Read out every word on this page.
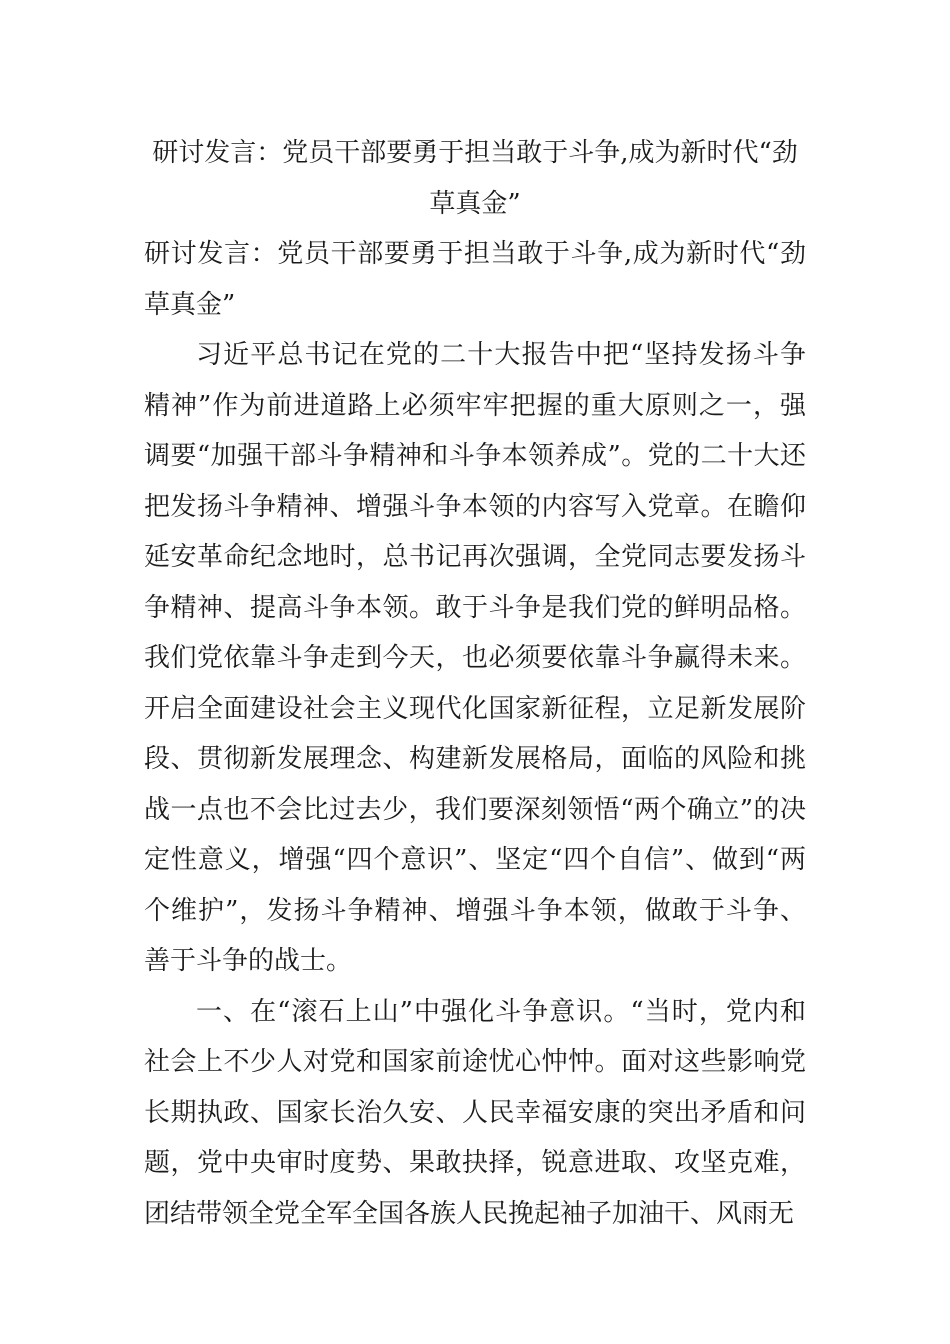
研讨发言：党员干部要勇于担当敢于斗争,成为新时代“劲草真金”

研讨发言：党员干部要勇于担当敢于斗争,成为新时代“劲草真金”

习近平总书记在党的二十大报告中把“坚持发扬斗争精神”作为前进道路上必须牢牢把握的重大原则之一，强调要“加强干部斗争精神和斗争本领养成”。党的二十大还把发扬斗争精神、增强斗争本领的内容写入党章。在瞻仰延安革命纪念地时，总书记再次强调，全党同志要发扬斗争精神、提高斗争本领。敢于斗争是我们党的鲜明品格。我们党依靠斗争走到今天，也必须要依靠斗争赢得未来。开启全面建设社会主义现代化国家新征程，立足新发展阶段、贯彻新发展理念、构建新发展格局，面临的风险和挑战一点也不会比过去少，我们要深刻领悟“两个确立”的决定性意义，增强“四个意识”、坚定“四个自信”、做到“两个维护”，发扬斗争精神、增强斗争本领，做敢于斗争、善于斗争的战士。

一、在“滚石上山”中强化斗争意识。“当时，党内和社会上不少人对党和国家前途忧心忡忡。面对这些影响党长期执政、国家长治久安、人民幸福安康的突出矛盾和问题，党中央审时度势、果敢抉择，锐意进取、攻坚克难，团结带领全党全军全国各族人民挽起袖子加油干、风雨无
